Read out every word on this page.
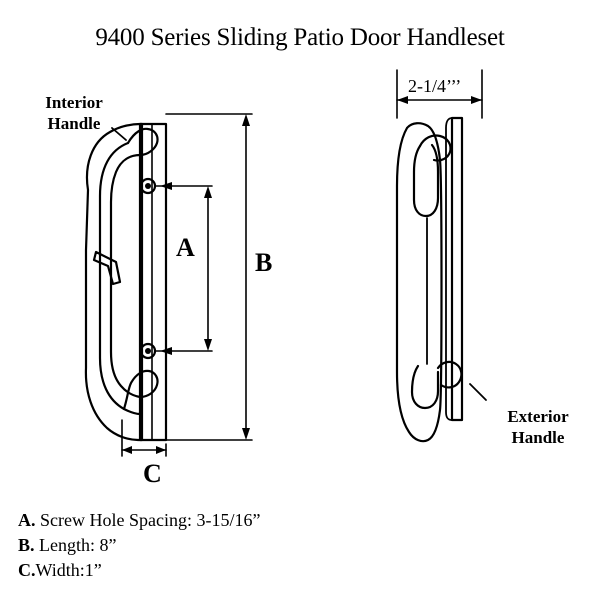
9400 Series Sliding Patio Door Handleset
Interior
Handle
Exterior
Handle
A
B
C
2-1/4’’’
A. Screw Hole Spacing: 3-15/16”
B. Length: 8”
C.Width:1”
